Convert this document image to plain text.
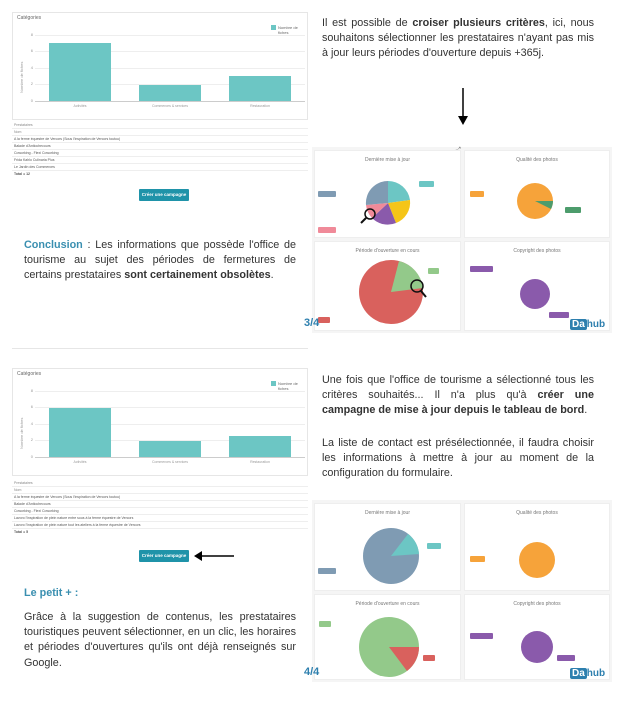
Catégories
Nombre de fiches
Nombre de fiches
8
6
4
2
0
Activités	Commerces & services	Restauration
Prestataires
Nom
A la ferme équestre de Vercors (Sous l'inspiration de Vercors toutou)
Balade d'Antiochecours
Coworking - Flexi Coworking
Frida Kahlo Culinaria Plus
Le Jardin des Commerces
Total = 12
Créer une campagne
Il est possible de croiser plusieurs critères, ici, nous souhaitons sélectionner les prestataires n'ayant pas mis à jour leurs périodes d'ouverture depuis +365j.
Conclusion : Les informations que possède l'office de tourisme au sujet des périodes de fermetures de certains prestataires sont certainement obsolètes.
Dernière mise à jour

	Qualité des photos

Période d'ouverture en cours

	Copyright des photos

3/4	Da hub
Catégories
Nombre de fiches
Nombre de fiches
8
6
4
2
0
Activités	Commerces & services	Restauration
Prestataires
Nom
A la ferme équestre de Vercors (Sous l'inspiration de Vercors toutou)
Balade d'Antiochecours
Coworking - Flexi Coworking
Lavoro l'inspiration de plein nature entre sous à la ferme équestre de Vercors
Lavoro l'inspiration de plein nature tout les ateliers à la ferme équestre de Vercors
Total = 5
Créer une campagne
Une fois que l'office de tourisme a sélectionné tous les critères souhaités... Il n'a plus qu'à créer une campagne de mise à jour depuis le tableau de bord.
La liste de contact est présélectionnée, il faudra choisir les informations à mettre à jour au moment de la configuration du formulaire.
Le petit + :
Grâce à la suggestion de contenus, les prestataires touristiques peuvent sélectionner, en un clic, les horaires et périodes d'ouvertures qu'ils ont déjà renseignés sur Google.
Dernière mise à jour

	Qualité des photos

Période d'ouverture en cours

	Copyright des photos

4/4	Da hub
